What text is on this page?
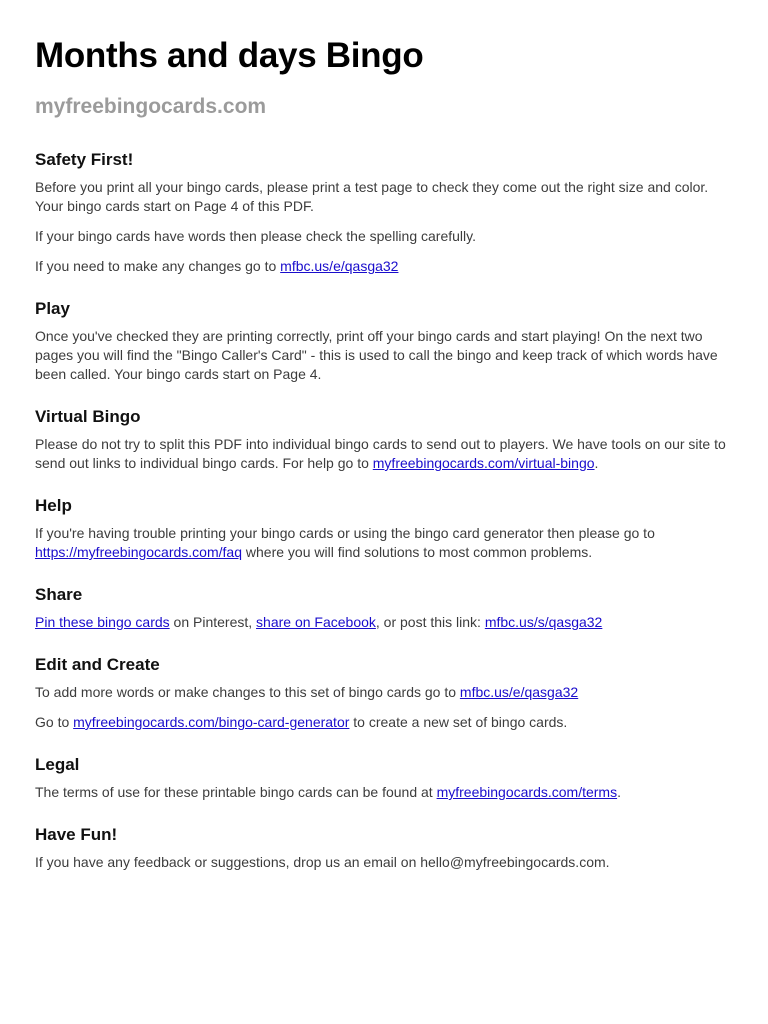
Months and days Bingo

myfreebingocards.com

Safety First!

Before you print all your bingo cards, please print a test page to check they come out the right size and color. Your bingo cards start on Page 4 of this PDF.

If your bingo cards have words then please check the spelling carefully.

If you need to make any changes go to mfbc.us/e/qasga32

Play

Once you've checked they are printing correctly, print off your bingo cards and start playing! On the next two pages you will find the "Bingo Caller's Card" - this is used to call the bingo and keep track of which words have been called. Your bingo cards start on Page 4.

Virtual Bingo

Please do not try to split this PDF into individual bingo cards to send out to players. We have tools on our site to send out links to individual bingo cards. For help go to myfreebingocards.com/virtual-bingo.

Help

If you're having trouble printing your bingo cards or using the bingo card generator then please go to https://myfreebingocards.com/faq where you will find solutions to most common problems.

Share

Pin these bingo cards on Pinterest, share on Facebook, or post this link: mfbc.us/s/qasga32

Edit and Create

To add more words or make changes to this set of bingo cards go to mfbc.us/e/qasga32

Go to myfreebingocards.com/bingo-card-generator to create a new set of bingo cards.

Legal

The terms of use for these printable bingo cards can be found at myfreebingocards.com/terms.

Have Fun!

If you have any feedback or suggestions, drop us an email on hello@myfreebingocards.com.
